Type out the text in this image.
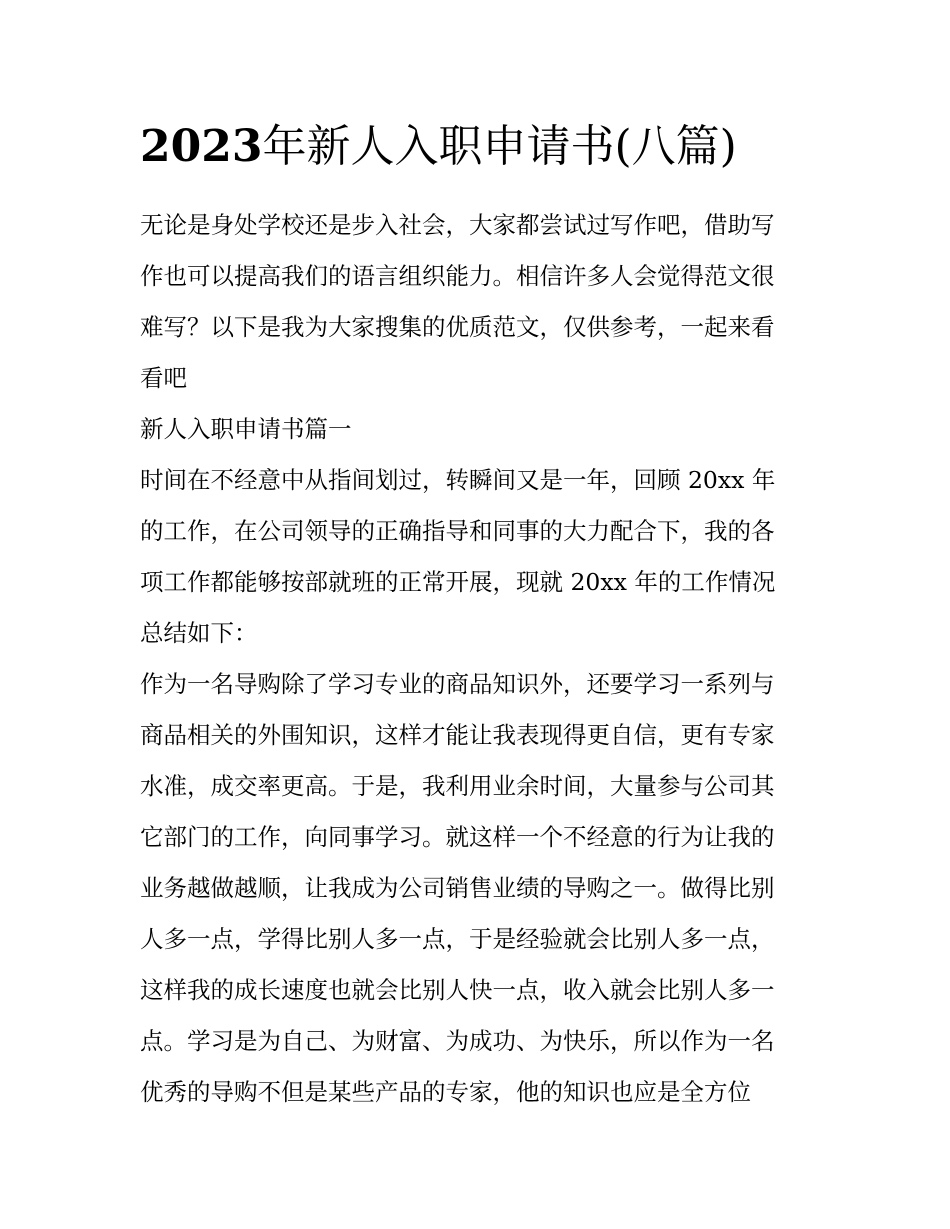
2023年新人入职申请书(八篇)
无论是身处学校还是步入社会，大家都尝试过写作吧，借助写
作也可以提高我们的语言组织能力。相信许多人会觉得范文很
难写？以下是我为大家搜集的优质范文，仅供参考，一起来看
看吧
新人入职申请书篇一
时间在不经意中从指间划过，转瞬间又是一年，回顾 20xx 年
的工作，在公司领导的正确指导和同事的大力配合下，我的各
项工作都能够按部就班的正常开展，现就 20xx 年的工作情况
总结如下：
作为一名导购除了学习专业的商品知识外，还要学习一系列与
商品相关的外围知识，这样才能让我表现得更自信，更有专家
水准，成交率更高。于是，我利用业余时间，大量参与公司其
它部门的工作，向同事学习。就这样一个不经意的行为让我的
业务越做越顺，让我成为公司销售业绩的导购之一。做得比别
人多一点，学得比别人多一点，于是经验就会比别人多一点，
这样我的成长速度也就会比别人快一点，收入就会比别人多一
点。学习是为自己、为财富、为成功、为快乐，所以作为一名
优秀的导购不但是某些产品的专家，他的知识也应是全方位
